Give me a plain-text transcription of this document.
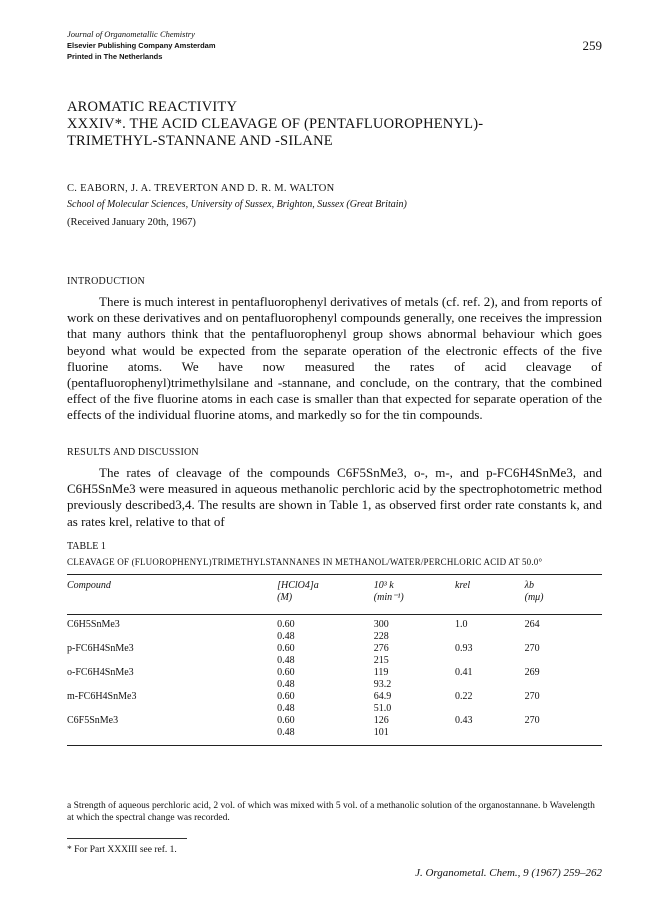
Journal of Organometallic Chemistry
Elsevier Publishing Company Amsterdam
Printed in The Netherlands
259
AROMATIC REACTIVITY
XXXIV*. THE ACID CLEAVAGE OF (PENTAFLUOROPHENYL)-
TRIMETHYL-STANNANE AND -SILANE
C. EABORN, J. A. TREVERTON AND D. R. M. WALTON
School of Molecular Sciences, University of Sussex, Brighton, Sussex (Great Britain)
(Received January 20th, 1967)
INTRODUCTION
There is much interest in pentafluorophenyl derivatives of metals (cf. ref. 2), and from reports of work on these derivatives and on pentafluorophenyl compounds generally, one receives the impression that many authors think that the pentafluorophenyl group shows abnormal behaviour which goes beyond what would be expected from the separate operation of the electronic effects of the five fluorine atoms. We have now measured the rates of acid cleavage of (pentafluorophenyl)trimethylsilane and -stannane, and conclude, on the contrary, that the combined effect of the five fluorine atoms in each case is smaller than that expected for separate operation of the effects of the individual fluorine atoms, and markedly so for the tin compounds.
RESULTS AND DISCUSSION
The rates of cleavage of the compounds C6F5SnMe3, o-, m-, and p-FC6H4SnMe3, and C6H5SnMe3 were measured in aqueous methanolic perchloric acid by the spectrophotometric method previously described3,4. The results are shown in Table 1, as observed first order rate constants k, and as rates krel, relative to that of
TABLE 1
CLEAVAGE OF (FLUOROPHENYL)TRIMETHYLSTANNANES IN METHANOL/WATER/PERCHLORIC ACID AT 50.0°
Compound	[HClO4]a	10³ k	krel	λb
	(M)	(min⁻¹)		(mμ)

C6H5SnMe3	0.60	300	1.0	264
	0.48	228		
p-FC6H4SnMe3	0.60	276	0.93	270
	0.48	215		
o-FC6H4SnMe3	0.60	119	0.41	269
	0.48	93.2		
m-FC6H4SnMe3	0.60	64.9	0.22	270
	0.48	51.0		
C6F5SnMe3	0.60	126	0.43	270
	0.48	101		

a Strength of aqueous perchloric acid, 2 vol. of which was mixed with 5 vol. of a methanolic solution of the organostannane. b Wavelength at which the spectral change was recorded.
* For Part XXXIII see ref. 1.
J. Organometal. Chem., 9 (1967) 259–262
